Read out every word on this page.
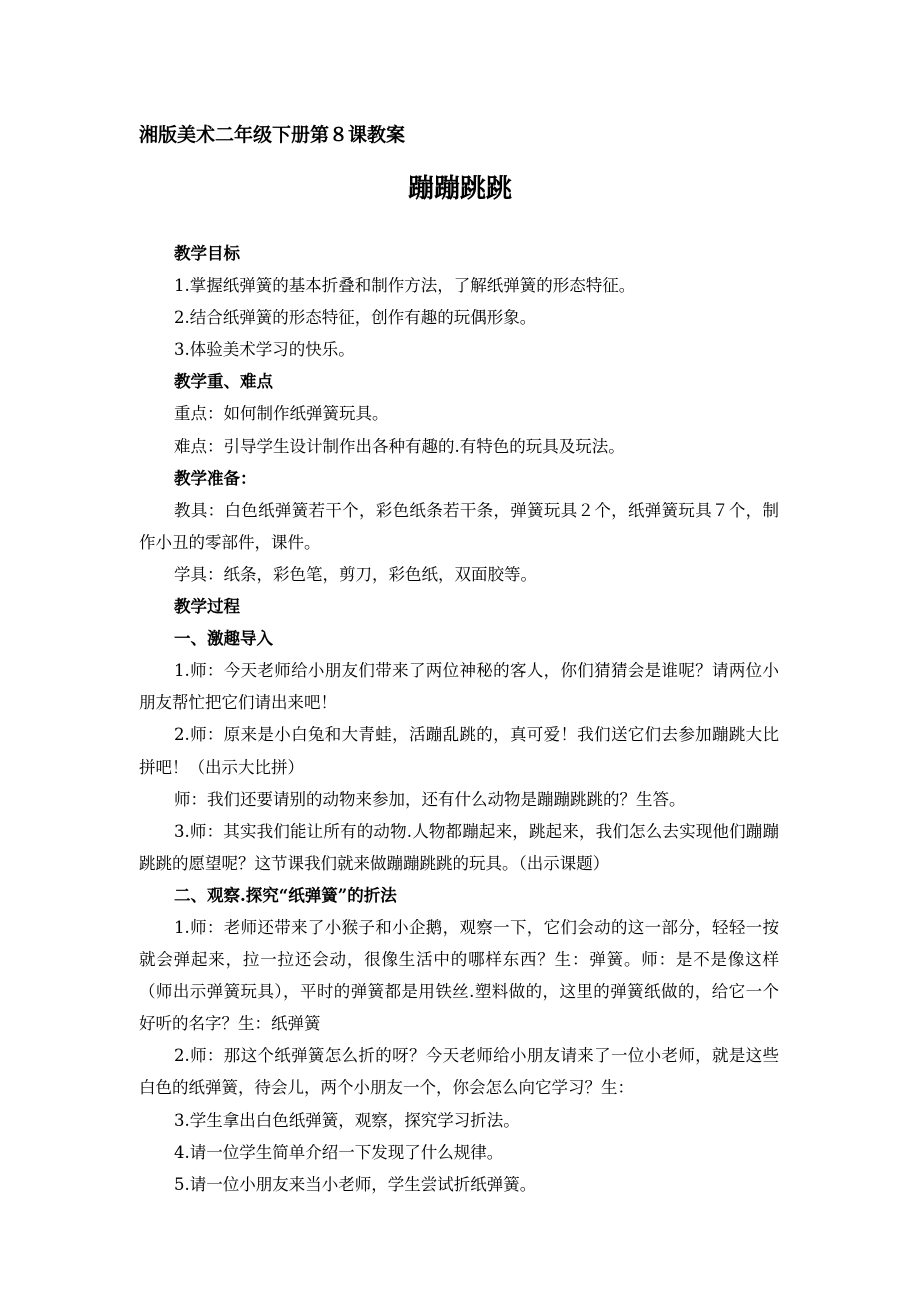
湘版美术二年级下册第８课教案
蹦蹦跳跳

教学目标

1.掌握纸弹簧的基本折叠和制作方法，了解纸弹簧的形态特征。

2.结合纸弹簧的形态特征，创作有趣的玩偶形象。

3.体验美术学习的快乐。

教学重、难点

重点：如何制作纸弹簧玩具。

难点：引导学生设计制作出各种有趣的.有特色的玩具及玩法。

教学准备：

教具：白色纸弹簧若干个，彩色纸条若干条，弹簧玩具２个，纸弹簧玩具７个，制作小丑的零部件，课件。

学具：纸条，彩色笔，剪刀，彩色纸，双面胶等。

教学过程

一、激趣导入

1.师：今天老师给小朋友们带来了两位神秘的客人，你们猜猜会是谁呢？请两位小朋友帮忙把它们请出来吧！

2.师：原来是小白兔和大青蛙，活蹦乱跳的，真可爱！我们送它们去参加蹦跳大比拼吧！（出示大比拼）

师：我们还要请别的动物来参加，还有什么动物是蹦蹦跳跳的？生答。

3.师：其实我们能让所有的动物.人物都蹦起来，跳起来，我们怎么去实现他们蹦蹦跳跳的愿望呢？这节课我们就来做蹦蹦跳跳的玩具。（出示课题）

二、观察.探究“纸弹簧”的折法

1.师：老师还带来了小猴子和小企鹅，观察一下，它们会动的这一部分，轻轻一按就会弹起来，拉一拉还会动，很像生活中的哪样东西？生：弹簧。师：是不是像这样（师出示弹簧玩具），平时的弹簧都是用铁丝.塑料做的，这里的弹簧纸做的，给它一个好听的名字？生：纸弹簧

2.师：那这个纸弹簧怎么折的呀？今天老师给小朋友请来了一位小老师，就是这些白色的纸弹簧，待会儿，两个小朋友一个，你会怎么向它学习？生：

3.学生拿出白色纸弹簧，观察，探究学习折法。

4.请一位学生简单介绍一下发现了什么规律。

5.请一位小朋友来当小老师，学生尝试折纸弹簧。
